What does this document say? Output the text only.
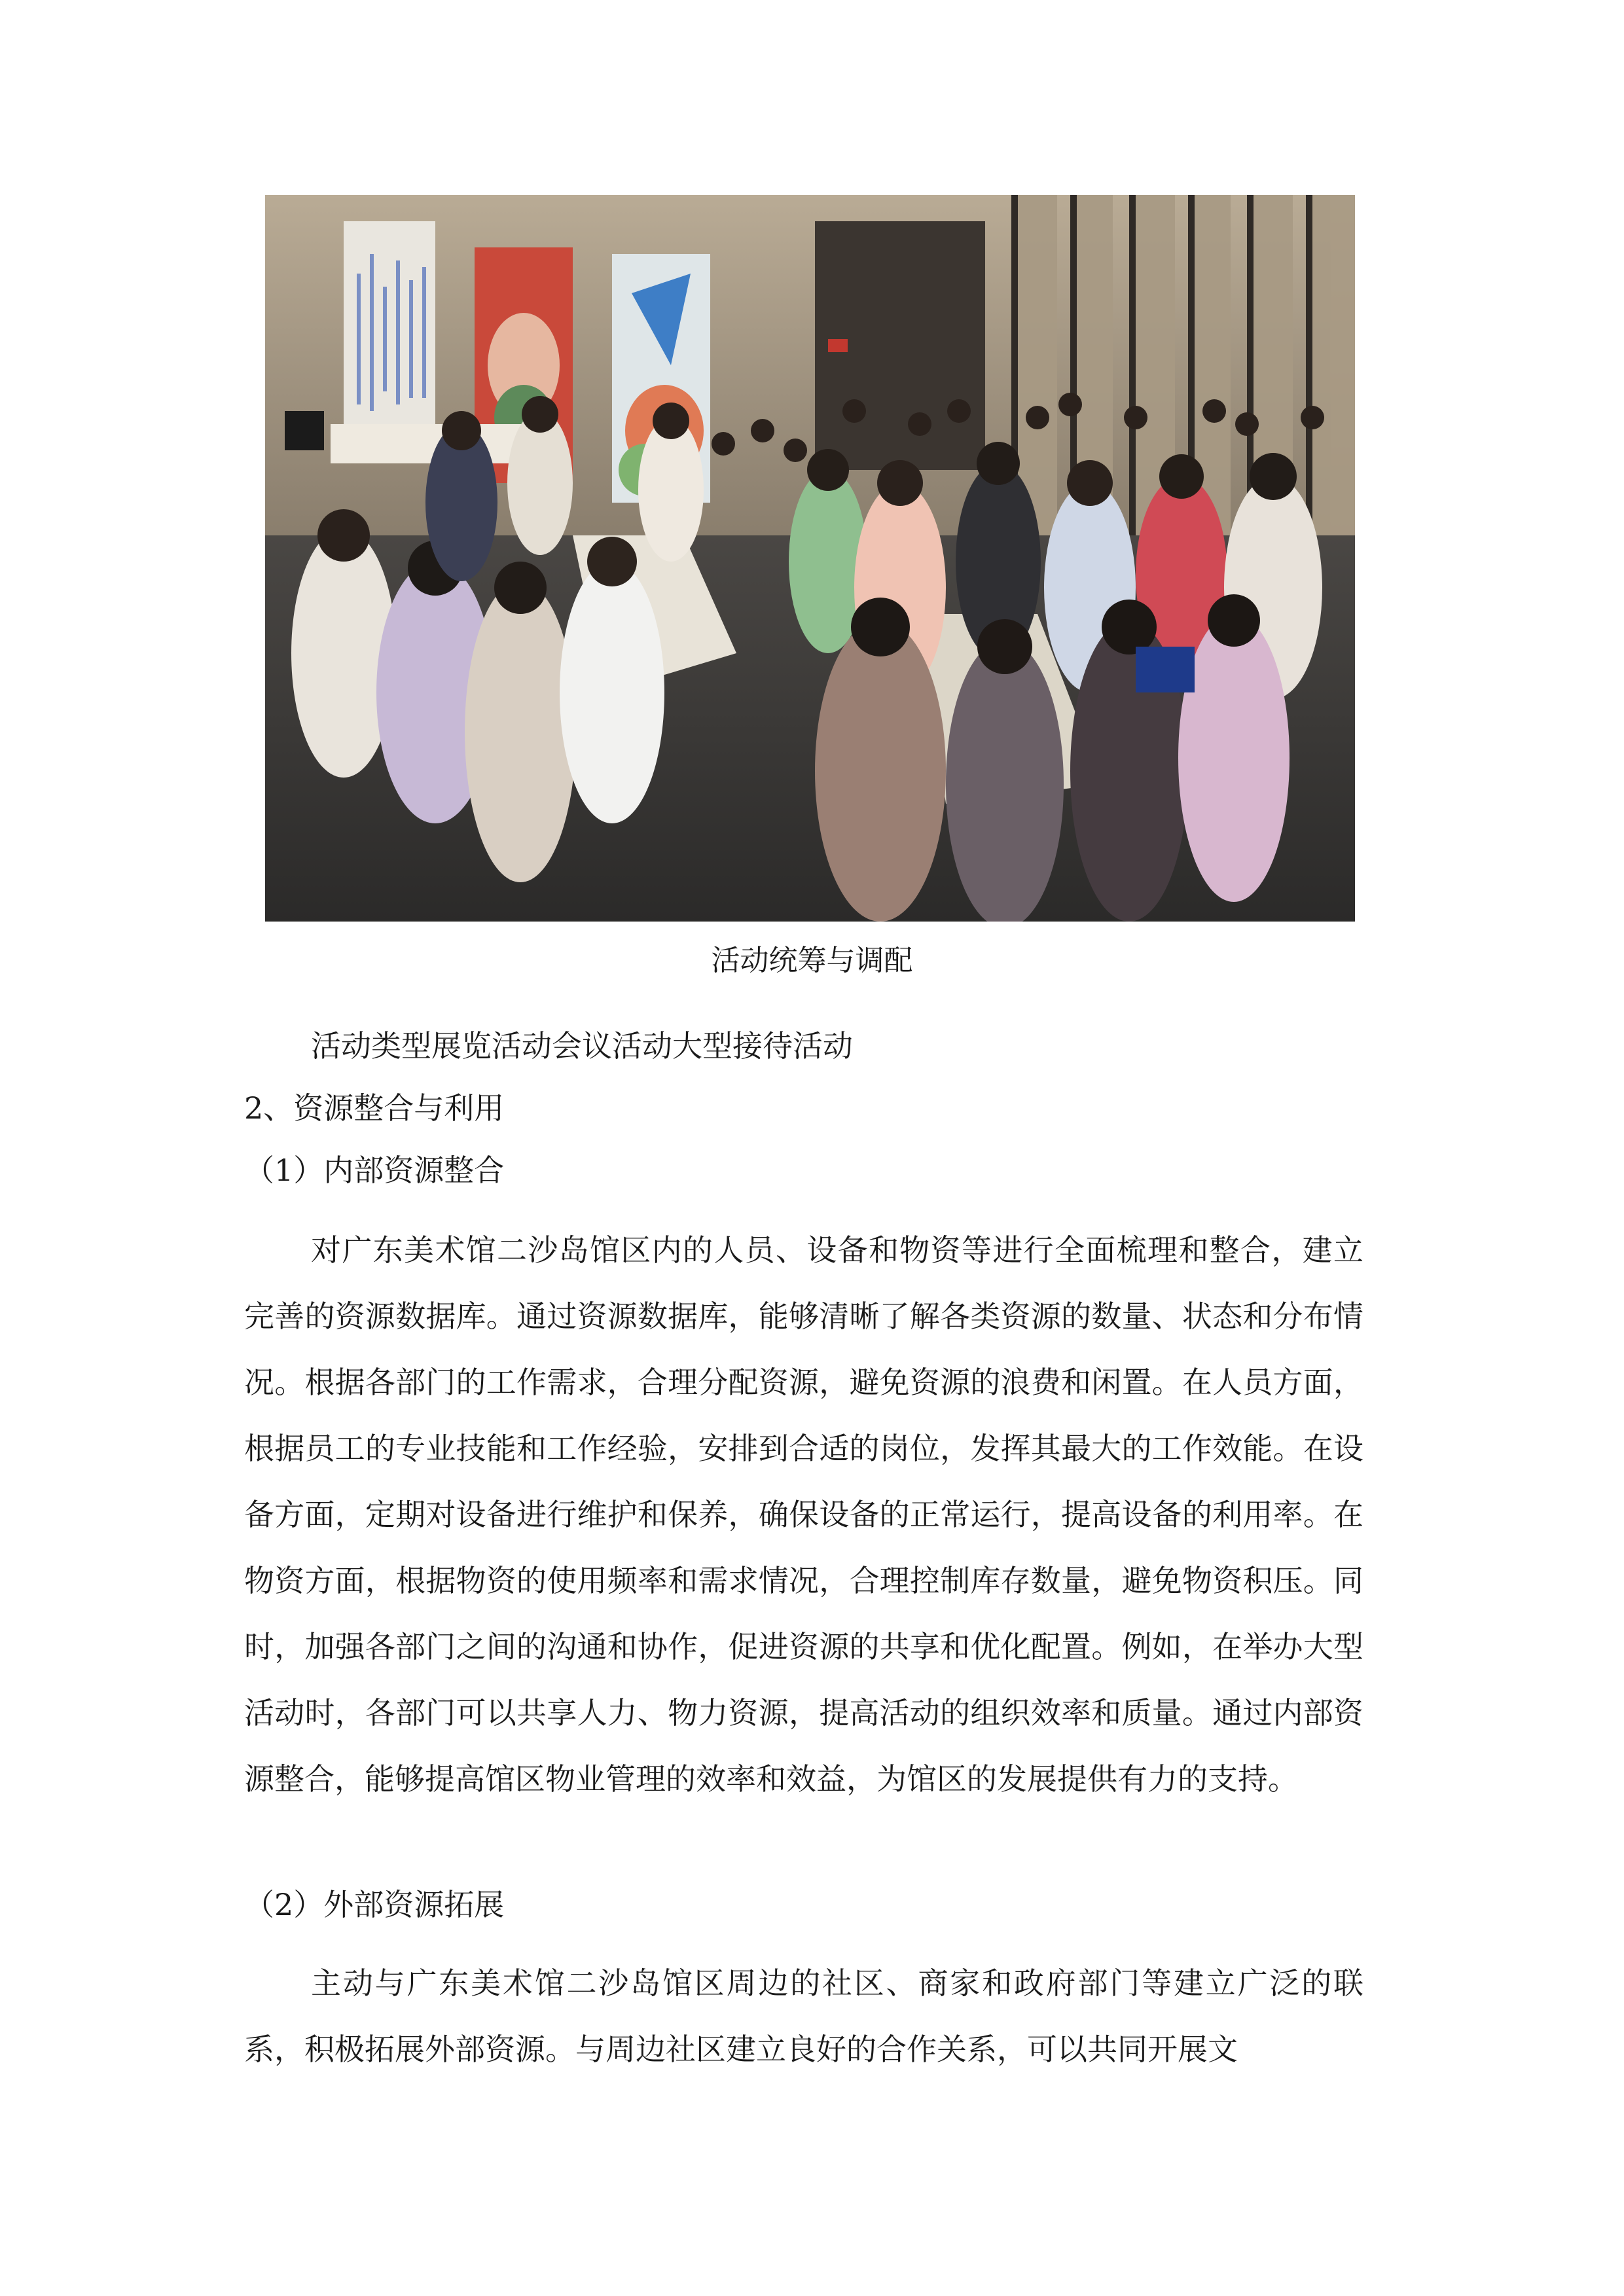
活动统筹与调配
活动类型展览活动会议活动大型接待活动
2、资源整合与利用
（1）内部资源整合
对广东美术馆二沙岛馆区内的人员、设备和物资等进行全面梳理和整合，建立完善的资源数据库。通过资源数据库，能够清晰了解各类资源的数量、状态和分布情况。根据各部门的工作需求，合理分配资源，避免资源的浪费和闲置。在人员方面，根据员工的专业技能和工作经验，安排到合适的岗位，发挥其最大的工作效能。在设备方面，定期对设备进行维护和保养，确保设备的正常运行，提高设备的利用率。在物资方面，根据物资的使用频率和需求情况，合理控制库存数量，避免物资积压。同时，加强各部门之间的沟通和协作，促进资源的共享和优化配置。例如，在举办大型活动时，各部门可以共享人力、物力资源，提高活动的组织效率和质量。通过内部资源整合，能够提高馆区物业管理的效率和效益，为馆区的发展提供有力的支持。
（2）外部资源拓展
主动与广东美术馆二沙岛馆区周边的社区、商家和政府部门等建立广泛的联系，积极拓展外部资源。与周边社区建立良好的合作关系，可以共同开展文
